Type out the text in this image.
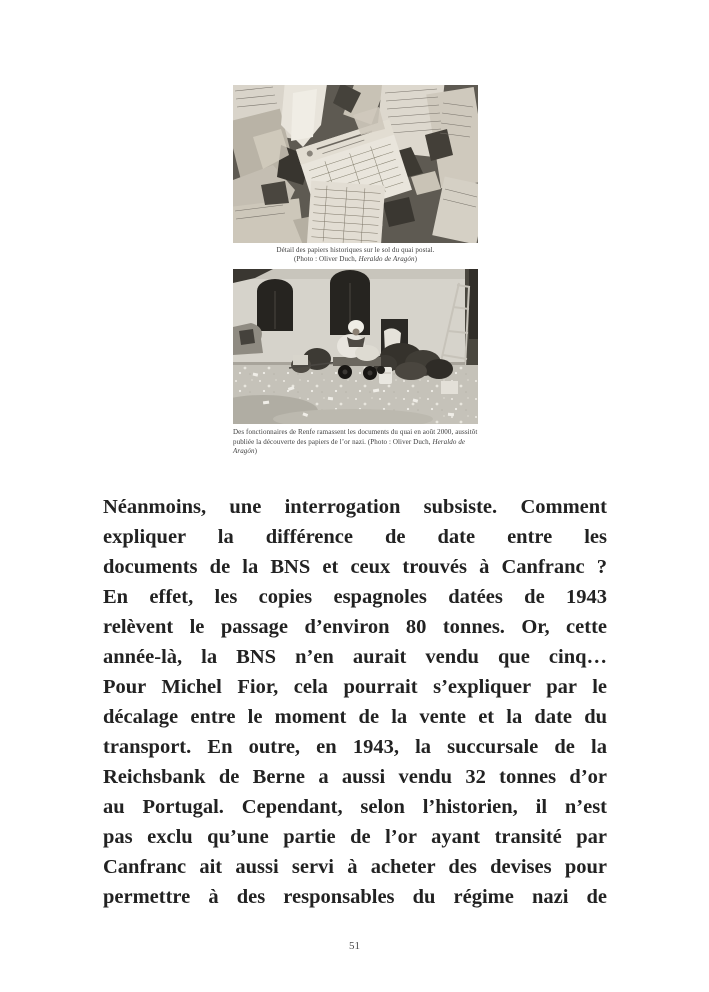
Détail des papiers historiques sur le sol du quai postal.
(Photo : Oliver Duch, Heraldo de Aragón)
Des fonctionnaires de Renfe ramassent les documents du quai en août 2000, aussitôt
publiée la découverte des papiers de l’or nazi. (Photo : Oliver Duch, Heraldo de Aragón)
Néanmoins, une interrogation subsiste. Comment
expliquer la différence de date entre les
documents de la BNS et ceux trouvés à Canfranc ?
En effet, les copies espagnoles datées de 1943
relèvent le passage d’environ 80 tonnes. Or, cette
année-là, la BNS n’en aurait vendu que cinq…
Pour Michel Fior, cela pourrait s’expliquer par le
décalage entre le moment de la vente et la date du
transport. En outre, en 1943, la succursale de la
Reichsbank de Berne a aussi vendu 32 tonnes d’or
au Portugal. Cependant, selon l’historien, il n’est
pas exclu qu’une partie de l’or ayant transité par
Canfranc ait aussi servi à acheter des devises pour
permettre à des responsables du régime nazi de
51
